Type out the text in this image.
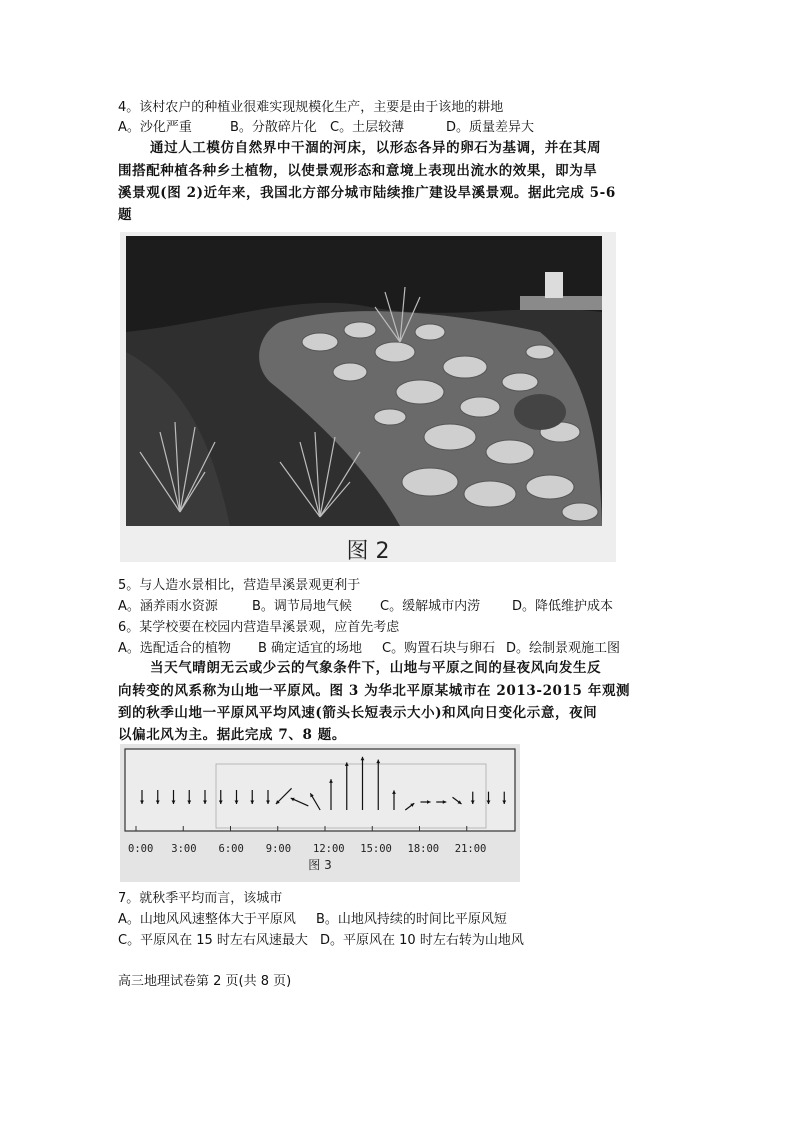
4。该村农户的种植业很难实现规模化生产，主要是由于该地的耕地
A。沙化严重	B。分散碎片化 C。土层较薄	D。质量差异大
通过人工模仿自然界中干涸的河床，以形态各异的卵石为基调，并在其周
围搭配种植各种乡土植物，以使景观形态和意境上表现出流水的效果，即为旱
溪景观(图 2)近年来，我国北方部分城市陆续推广建设旱溪景观。据此完成 5-6
题
图 2
5。与人造水景相比，营造旱溪景观更利于
A。涵养雨水资源	B。调节局地气候 C。缓解城市内涝 D。降低维护成本
6。某学校要在校园内营造旱溪景观，应首先考虑
A。选配适合的植物 B 确定适宜的场地 C。购置石块与卵石 D。绘制景观施工图
当天气晴朗无云或少云的气象条件下，山地与平原之间的昼夜风向发生反
向转变的风系称为山地一平原风。图 3 为华北平原某城市在 2013-2015 年观测
到的秋季山地一平原风平均风速(箭头长短表示大小)和风向日变化示意，夜间
以偏北风为主。据此完成 7、8 题。
0:00 3:00 6:00 9:00 12:00 15:00 18:00 21:00
图 3
7。就秋季平均而言，该城市
A。山地风风速整体大于平原风 B。山地风持续的时间比平原风短
C。平原风在 15 时左右风速最大 D。平原风在 10 时左右转为山地风
高三地理试卷第 2 页(共 8 页)
